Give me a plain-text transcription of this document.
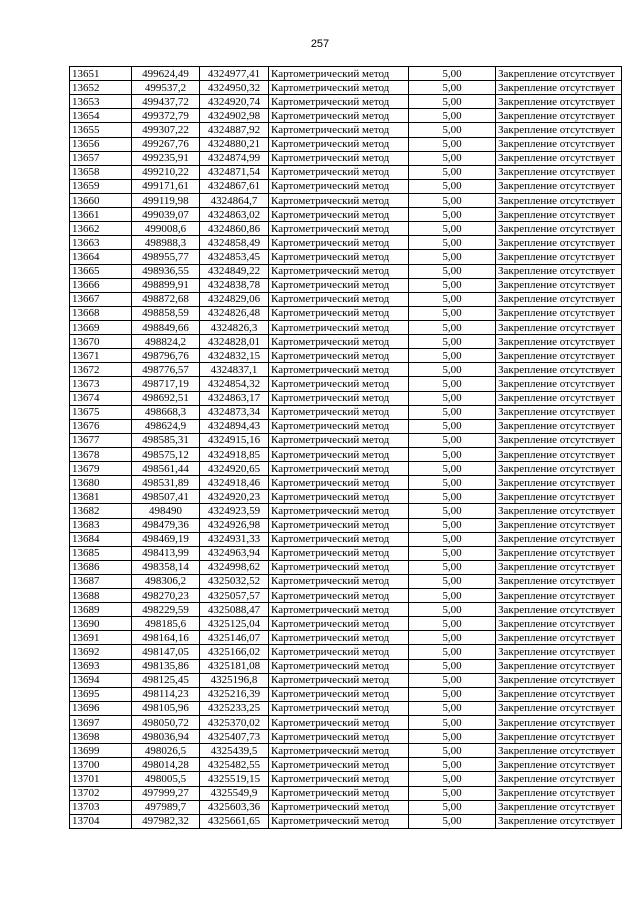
257
13651	499624,49	4324977,41	Картометрический метод	5,00	Закрепление отсутствует
13652	499537,2	4324950,32	Картометрический метод	5,00	Закрепление отсутствует
13653	499437,72	4324920,74	Картометрический метод	5,00	Закрепление отсутствует
13654	499372,79	4324902,98	Картометрический метод	5,00	Закрепление отсутствует
13655	499307,22	4324887,92	Картометрический метод	5,00	Закрепление отсутствует
13656	499267,76	4324880,21	Картометрический метод	5,00	Закрепление отсутствует
13657	499235,91	4324874,99	Картометрический метод	5,00	Закрепление отсутствует
13658	499210,22	4324871,54	Картометрический метод	5,00	Закрепление отсутствует
13659	499171,61	4324867,61	Картометрический метод	5,00	Закрепление отсутствует
13660	499119,98	4324864,7	Картометрический метод	5,00	Закрепление отсутствует
13661	499039,07	4324863,02	Картометрический метод	5,00	Закрепление отсутствует
13662	499008,6	4324860,86	Картометрический метод	5,00	Закрепление отсутствует
13663	498988,3	4324858,49	Картометрический метод	5,00	Закрепление отсутствует
13664	498955,77	4324853,45	Картометрический метод	5,00	Закрепление отсутствует
13665	498936,55	4324849,22	Картометрический метод	5,00	Закрепление отсутствует
13666	498899,91	4324838,78	Картометрический метод	5,00	Закрепление отсутствует
13667	498872,68	4324829,06	Картометрический метод	5,00	Закрепление отсутствует
13668	498858,59	4324826,48	Картометрический метод	5,00	Закрепление отсутствует
13669	498849,66	4324826,3	Картометрический метод	5,00	Закрепление отсутствует
13670	498824,2	4324828,01	Картометрический метод	5,00	Закрепление отсутствует
13671	498796,76	4324832,15	Картометрический метод	5,00	Закрепление отсутствует
13672	498776,57	4324837,1	Картометрический метод	5,00	Закрепление отсутствует
13673	498717,19	4324854,32	Картометрический метод	5,00	Закрепление отсутствует
13674	498692,51	4324863,17	Картометрический метод	5,00	Закрепление отсутствует
13675	498668,3	4324873,34	Картометрический метод	5,00	Закрепление отсутствует
13676	498624,9	4324894,43	Картометрический метод	5,00	Закрепление отсутствует
13677	498585,31	4324915,16	Картометрический метод	5,00	Закрепление отсутствует
13678	498575,12	4324918,85	Картометрический метод	5,00	Закрепление отсутствует
13679	498561,44	4324920,65	Картометрический метод	5,00	Закрепление отсутствует
13680	498531,89	4324918,46	Картометрический метод	5,00	Закрепление отсутствует
13681	498507,41	4324920,23	Картометрический метод	5,00	Закрепление отсутствует
13682	498490	4324923,59	Картометрический метод	5,00	Закрепление отсутствует
13683	498479,36	4324926,98	Картометрический метод	5,00	Закрепление отсутствует
13684	498469,19	4324931,33	Картометрический метод	5,00	Закрепление отсутствует
13685	498413,99	4324963,94	Картометрический метод	5,00	Закрепление отсутствует
13686	498358,14	4324998,62	Картометрический метод	5,00	Закрепление отсутствует
13687	498306,2	4325032,52	Картометрический метод	5,00	Закрепление отсутствует
13688	498270,23	4325057,57	Картометрический метод	5,00	Закрепление отсутствует
13689	498229,59	4325088,47	Картометрический метод	5,00	Закрепление отсутствует
13690	498185,6	4325125,04	Картометрический метод	5,00	Закрепление отсутствует
13691	498164,16	4325146,07	Картометрический метод	5,00	Закрепление отсутствует
13692	498147,05	4325166,02	Картометрический метод	5,00	Закрепление отсутствует
13693	498135,86	4325181,08	Картометрический метод	5,00	Закрепление отсутствует
13694	498125,45	4325196,8	Картометрический метод	5,00	Закрепление отсутствует
13695	498114,23	4325216,39	Картометрический метод	5,00	Закрепление отсутствует
13696	498105,96	4325233,25	Картометрический метод	5,00	Закрепление отсутствует
13697	498050,72	4325370,02	Картометрический метод	5,00	Закрепление отсутствует
13698	498036,94	4325407,73	Картометрический метод	5,00	Закрепление отсутствует
13699	498026,5	4325439,5	Картометрический метод	5,00	Закрепление отсутствует
13700	498014,28	4325482,55	Картометрический метод	5,00	Закрепление отсутствует
13701	498005,5	4325519,15	Картометрический метод	5,00	Закрепление отсутствует
13702	497999,27	4325549,9	Картометрический метод	5,00	Закрепление отсутствует
13703	497989,7	4325603,36	Картометрический метод	5,00	Закрепление отсутствует
13704	497982,32	4325661,65	Картометрический метод	5,00	Закрепление отсутствует
